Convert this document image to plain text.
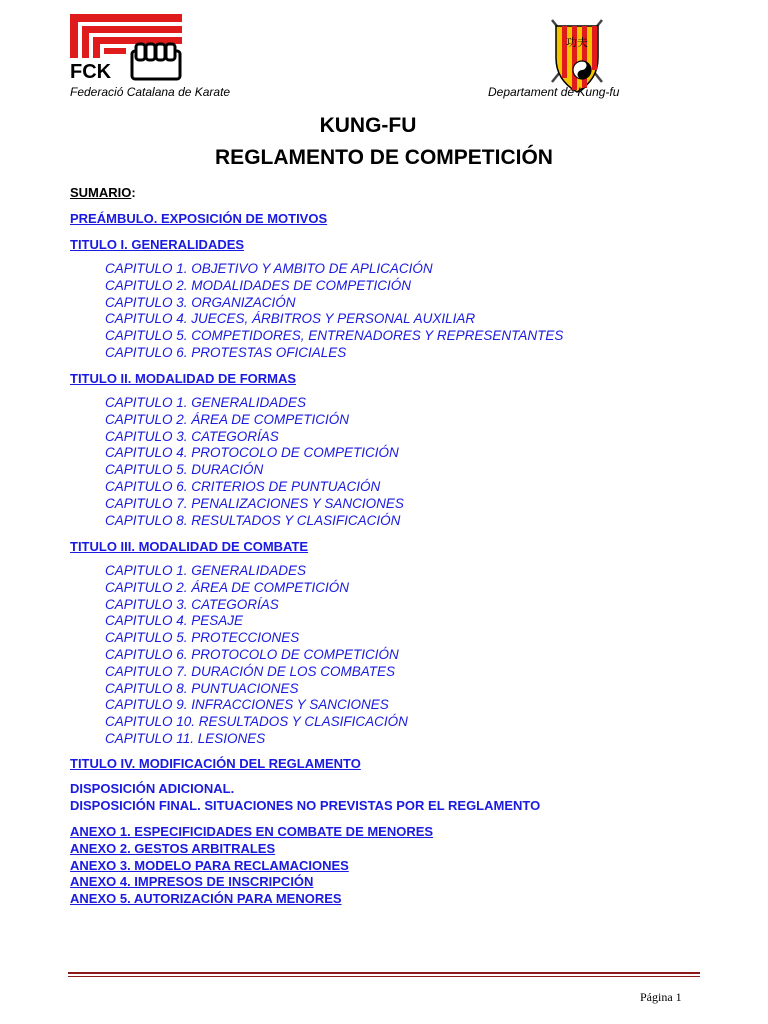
FCK
Federació Catalana de Karate
功夫
Departament de Kung-fu
KUNG-FU
REGLAMENTO DE COMPETICIÓN
SUMARIO:
PREÁMBULO. EXPOSICIÓN DE MOTIVOS
TITULO I. GENERALIDADES
CAPITULO 1. OBJETIVO Y AMBITO DE APLICACIÓN
CAPITULO 2. MODALIDADES DE COMPETICIÓN
CAPITULO 3. ORGANIZACIÓN
CAPITULO 4. JUECES, ÁRBITROS Y PERSONAL AUXILIAR
CAPITULO 5. COMPETIDORES, ENTRENADORES Y REPRESENTANTES
CAPITULO 6. PROTESTAS OFICIALES
TITULO II. MODALIDAD DE FORMAS
CAPITULO 1. GENERALIDADES
CAPITULO 2. ÁREA DE COMPETICIÓN
CAPITULO 3. CATEGORÍAS
CAPITULO 4. PROTOCOLO DE COMPETICIÓN
CAPITULO 5. DURACIÓN
CAPITULO 6. CRITERIOS DE PUNTUACIÓN
CAPITULO 7. PENALIZACIONES Y SANCIONES
CAPITULO 8. RESULTADOS Y CLASIFICACIÓN
TITULO III. MODALIDAD DE COMBATE
CAPITULO 1. GENERALIDADES
CAPITULO 2. ÁREA DE COMPETICIÓN
CAPITULO 3. CATEGORÍAS
CAPITULO 4. PESAJE
CAPITULO 5. PROTECCIONES
CAPITULO 6. PROTOCOLO DE COMPETICIÓN
CAPITULO 7. DURACIÓN DE LOS COMBATES
CAPITULO 8. PUNTUACIONES
CAPITULO 9. INFRACCIONES Y SANCIONES
CAPITULO 10. RESULTADOS Y CLASIFICACIÓN
CAPITULO 11. LESIONES
TITULO IV. MODIFICACIÓN DEL REGLAMENTO
DISPOSICIÓN ADICIONAL.
DISPOSICIÓN FINAL. SITUACIONES NO PREVISTAS POR EL REGLAMENTO
ANEXO 1. ESPECIFICIDADES EN COMBATE DE MENORES
ANEXO 2. GESTOS ARBITRALES
ANEXO 3. MODELO PARA RECLAMACIONES
ANEXO 4. IMPRESOS DE INSCRIPCIÓN
ANEXO 5. AUTORIZACIÓN PARA MENORES
Página 1
